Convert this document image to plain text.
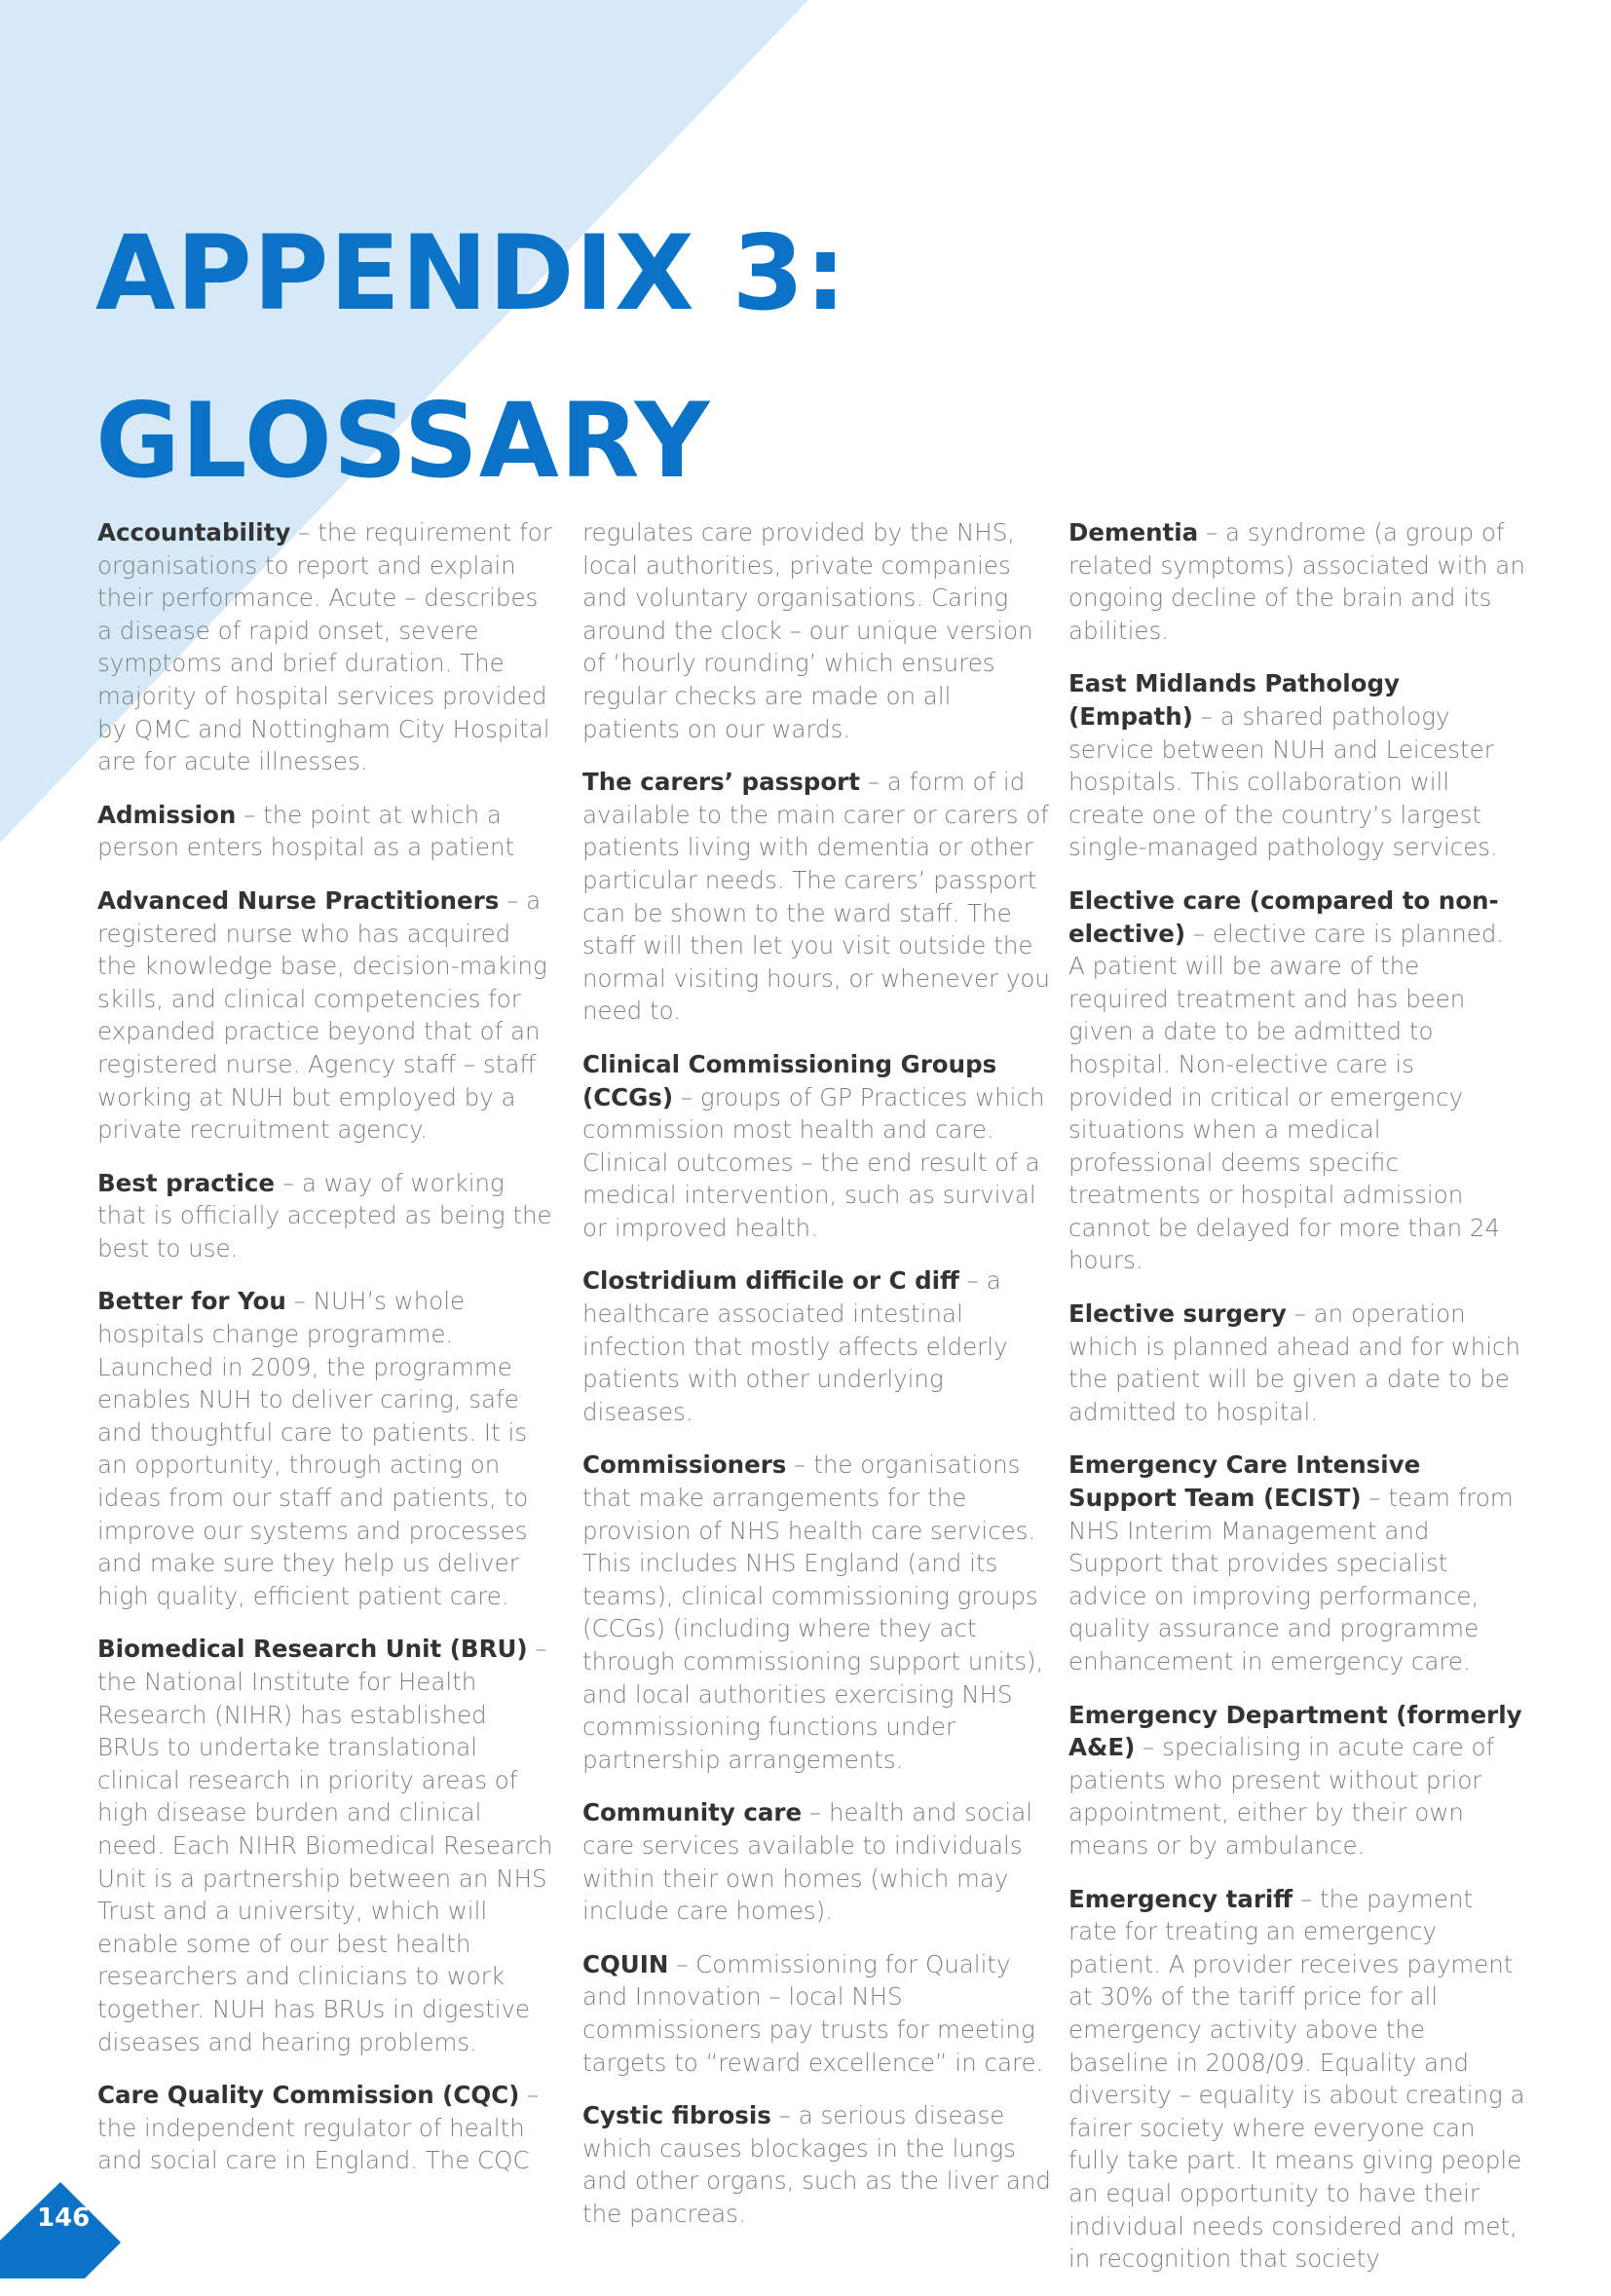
APPENDIX 3:
GLOSSARY

Accountability – the requirement for organisations to report and explain their performance. Acute – describes a disease of rapid onset, severe symptoms and brief duration. The majority of hospital services provided by QMC and Nottingham City Hospital are for acute illnesses.

Admission – the point at which a person enters hospital as a patient

Advanced Nurse Practitioners – a registered nurse who has acquired the knowledge base, decision-making skills, and clinical competencies for expanded practice beyond that of an registered nurse. Agency staff – staff working at NUH but employed by a private recruitment agency.

Best practice – a way of working that is officially accepted as being the best to use.

Better for You – NUH’s whole hospitals change programme. Launched in 2009, the programme enables NUH to deliver caring, safe and thoughtful care to patients. It is an opportunity, through acting on ideas from our staff and patients, to improve our systems and processes and make sure they help us deliver high quality, efficient patient care.

Biomedical Research Unit (BRU) – the National Institute for Health Research (NIHR) has established BRUs to undertake translational clinical research in priority areas of high disease burden and clinical need. Each NIHR Biomedical Research Unit is a partnership between an NHS Trust and a university, which will enable some of our best health researchers and clinicians to work together. NUH has BRUs in digestive diseases and hearing problems.

Care Quality Commission (CQC) – the independent regulator of health and social care in England. The CQC

regulates care provided by the NHS, local authorities, private companies and voluntary organisations. Caring around the clock – our unique version of ‘hourly rounding’ which ensures regular checks are made on all patients on our wards.

The carers’ passport – a form of id available to the main carer or carers of patients living with dementia or other particular needs. The carers’ passport can be shown to the ward staff. The staff will then let you visit outside the normal visiting hours, or whenever you need to.

Clinical Commissioning Groups (CCGs) – groups of GP Practices which commission most health and care. Clinical outcomes – the end result of a medical intervention, such as survival or improved health.

Clostridium difficile or C diff – a healthcare associated intestinal infection that mostly affects elderly patients with other underlying diseases.

Commissioners – the organisations that make arrangements for the provision of NHS health care services. This includes NHS England (and its teams), clinical commissioning groups (CCGs) (including where they act through commissioning support units), and local authorities exercising NHS commissioning functions under partnership arrangements.

Community care – health and social care services available to individuals within their own homes (which may include care homes).

CQUIN – Commissioning for Quality and Innovation – local NHS commissioners pay trusts for meeting targets to “reward excellence” in care.

Cystic fibrosis – a serious disease which causes blockages in the lungs and other organs, such as the liver and the pancreas.

Dementia – a syndrome (a group of related symptoms) associated with an ongoing decline of the brain and its abilities.

East Midlands Pathology (Empath) – a shared pathology service between NUH and Leicester hospitals. This collaboration will create one of the country’s largest single-managed pathology services.

Elective care (compared to non-elective) – elective care is planned. A patient will be aware of the required treatment and has been given a date to be admitted to hospital. Non-elective care is provided in critical or emergency situations when a medical professional deems specific treatments or hospital admission cannot be delayed for more than 24 hours.

Elective surgery – an operation which is planned ahead and for which the patient will be given a date to be admitted to hospital.

Emergency Care Intensive Support Team (ECIST) – team from NHS Interim Management and Support that provides specialist advice on improving performance, quality assurance and programme enhancement in emergency care.

Emergency Department (formerly A&E) – specialising in acute care of patients who present without prior appointment, either by their own means or by ambulance.

Emergency tariff – the payment rate for treating an emergency patient. A provider receives payment at 30% of the tariff price for all emergency activity above the baseline in 2008/09. Equality and diversity – equality is about creating a fairer society where everyone can fully take part. It means giving people an equal opportunity to have their individual needs considered and met, in recognition that society

146
